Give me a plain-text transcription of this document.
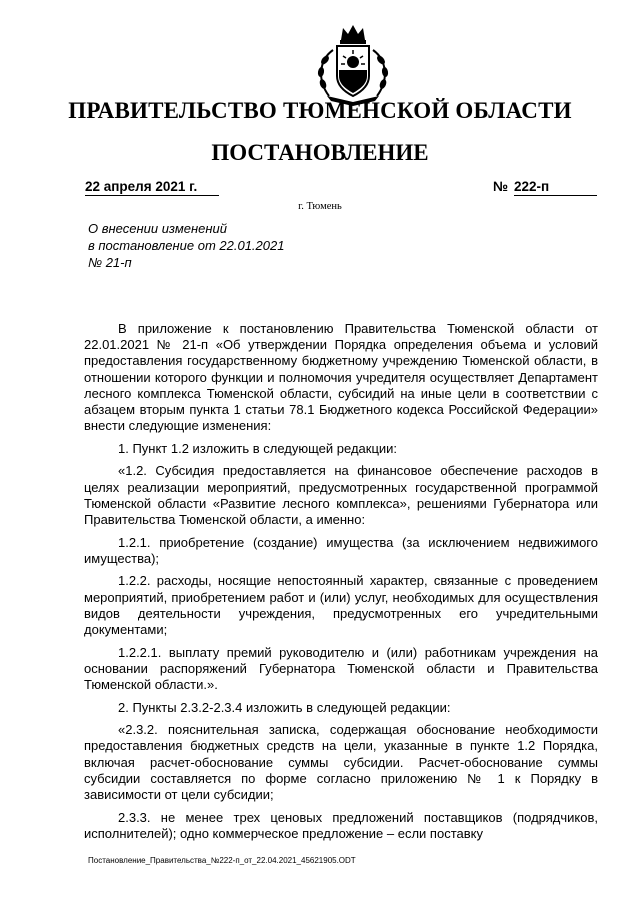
ПРАВИТЕЛЬСТВО ТЮМЕНСКОЙ ОБЛАСТИ
ПОСТАНОВЛЕНИЕ
22 апреля 2021 г.	№ 222-п
г. Тюмень
О внесении изменений
в постановление от 22.01.2021
№ 21-п

В приложение к постановлению Правительства Тюменской области от 22.01.2021 № 21-п «Об утверждении Порядка определения объема и условий предоставления государственному бюджетному учреждению Тюменской области, в отношении которого функции и полномочия учредителя осуществляет Департамент лесного комплекса Тюменской области, субсидий на иные цели в соответствии с абзацем вторым пункта 1 статьи 78.1 Бюджетного кодекса Российской Федерации» внести следующие изменения:

1. Пункт 1.2 изложить в следующей редакции:

«1.2. Субсидия предоставляется на финансовое обеспечение расходов в целях реализации мероприятий, предусмотренных государственной программой Тюменской области «Развитие лесного комплекса», решениями Губернатора или Правительства Тюменской области, а именно:

1.2.1. приобретение (создание) имущества (за исключением недвижимого имущества);

1.2.2. расходы, носящие непостоянный характер, связанные с проведением мероприятий, приобретением работ и (или) услуг, необходимых для осуществления видов деятельности учреждения, предусмотренных его учредительными документами;

1.2.2.1. выплату премий руководителю и (или) работникам учреждения на основании распоряжений Губернатора Тюменской области и Правительства Тюменской области.».

2. Пункты 2.3.2-2.3.4 изложить в следующей редакции:

«2.3.2. пояснительная записка, содержащая обоснование необходимости предоставления бюджетных средств на цели, указанные в пункте 1.2 Порядка, включая расчет-обоснование суммы субсидии. Расчет-обоснование суммы субсидии составляется по форме согласно приложению № 1 к Порядку в зависимости от цели субсидии;

2.3.3. не менее трех ценовых предложений поставщиков (подрядчиков, исполнителей); одно коммерческое предложение – если поставку

Постановление_Правительства_№222-п_от_22.04.2021_45621905.ODT
